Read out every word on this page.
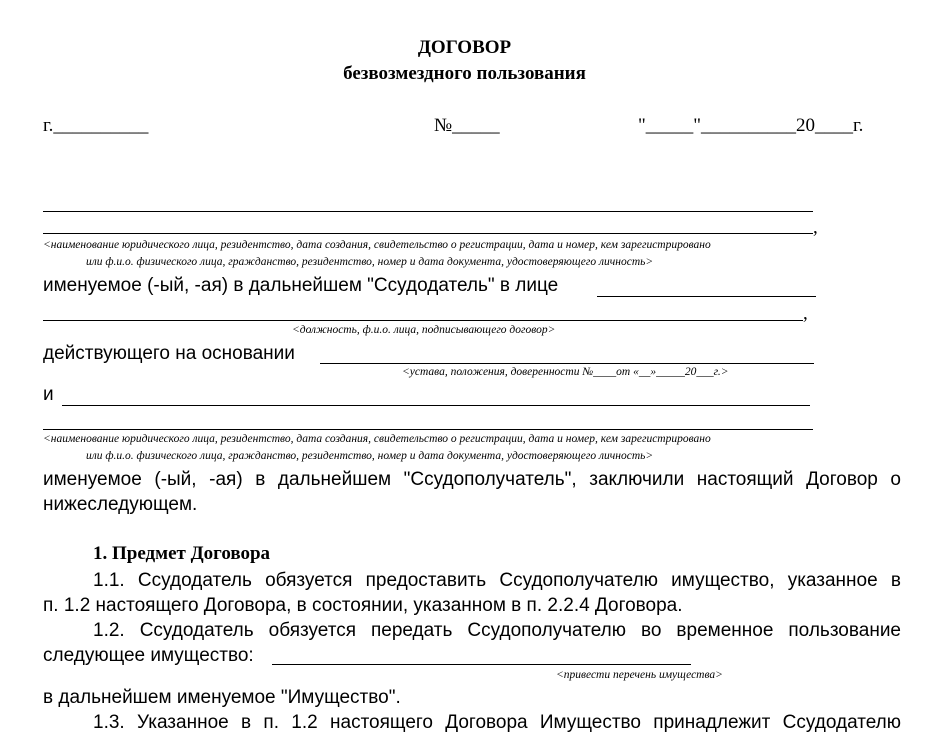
ДОГОВОР
безвозмездного пользования
г.__________	№_____	"_____"__________20____г.
,
<наименование юридического лица, резидентство, дата создания, свидетельство о регистрации, дата и номер, кем зарегистрировано
или ф.и.о. физического лица, гражданство, резидентство, номер и дата документа, удостоверяющего личность>
именуемое (-ый, -ая) в дальнейшем "Ссудодатель" в лице
,
<должность, ф.и.о. лица, подписывающего договор>
действующего на основании
<устава, положения, доверенности №____от «__»_____20___г.>
и
<наименование юридического лица, резидентство, дата создания, свидетельство о регистрации, дата и номер, кем зарегистрировано
или ф.и.о. физического лица, гражданство, резидентство, номер и дата документа, удостоверяющего личность>
именуемое (-ый, -ая) в дальнейшем "Ссудополучатель", заключили настоящий Договор о
нижеследующем.
1. Предмет Договора
1.1. Ссудодатель обязуется предоставить Ссудополучателю имущество, указанное в
п. 1.2 настоящего Договора, в состоянии, указанном в п. 2.2.4 Договора.
1.2. Ссудодатель обязуется передать Ссудополучателю во временное пользование
следующее имущество:
<привести перечень имущества>
в дальнейшем именуемое "Имущество".
1.3. Указанное в п. 1.2 настоящего Договора Имущество принадлежит Ссудодателю
